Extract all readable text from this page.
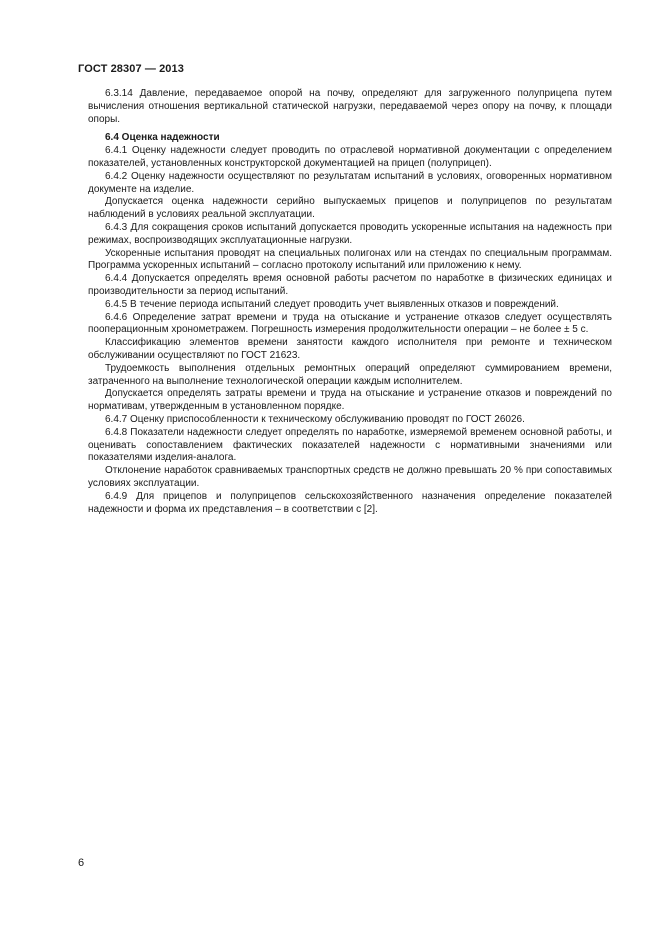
ГОСТ 28307 — 2013

6.3.14 Давление, передаваемое опорой на почву, определяют для загруженного полуприцепа путем вычисления отношения вертикальной статической нагрузки, передаваемой через опору на почву, к площади опоры.

6.4 Оценка надежности

6.4.1 Оценку надежности следует проводить по отраслевой нормативной документации с определением показателей, установленных конструкторской документацией на прицеп (полуприцеп).

6.4.2 Оценку надежности осуществляют по результатам испытаний в условиях, оговоренных нормативном документе на изделие.

Допускается оценка надежности серийно выпускаемых прицепов и полуприцепов по результатам наблюдений в условиях реальной эксплуатации.

6.4.3 Для сокращения сроков испытаний допускается проводить ускоренные испытания на надежность при режимах, воспроизводящих эксплуатационные нагрузки.

Ускоренные испытания проводят на специальных полигонах или на стендах по специальным программам. Программа ускоренных испытаний – согласно протоколу испытаний или приложению к нему.

6.4.4 Допускается определять время основной работы расчетом по наработке в физических единицах и производительности за период испытаний.

6.4.5 В течение периода испытаний следует проводить учет выявленных отказов и повреждений.

6.4.6 Определение затрат времени и труда на отыскание и устранение отказов следует осуществлять пооперационным хронометражем. Погрешность измерения продолжительности операции – не более ± 5 с.

Классификацию элементов времени занятости каждого исполнителя при ремонте и техническом обслуживании осуществляют по ГОСТ 21623.

Трудоемкость выполнения отдельных ремонтных операций определяют суммированием времени, затраченного на выполнение технологической операции каждым исполнителем.

Допускается определять затраты времени и труда на отыскание и устранение отказов и повреждений по нормативам, утвержденным в установленном порядке.

6.4.7 Оценку приспособленности к техническому обслуживанию проводят по ГОСТ 26026.

6.4.8 Показатели надежности следует определять по наработке, измеряемой временем основной работы, и оценивать сопоставлением фактических показателей надежности с нормативными значениями или показателями изделия-аналога.

Отклонение наработок сравниваемых транспортных средств не должно превышать 20 % при сопоставимых условиях эксплуатации.

6.4.9 Для прицепов и полуприцепов сельскохозяйственного назначения определение показателей надежности и форма их представления – в соответствии с [2].

6
